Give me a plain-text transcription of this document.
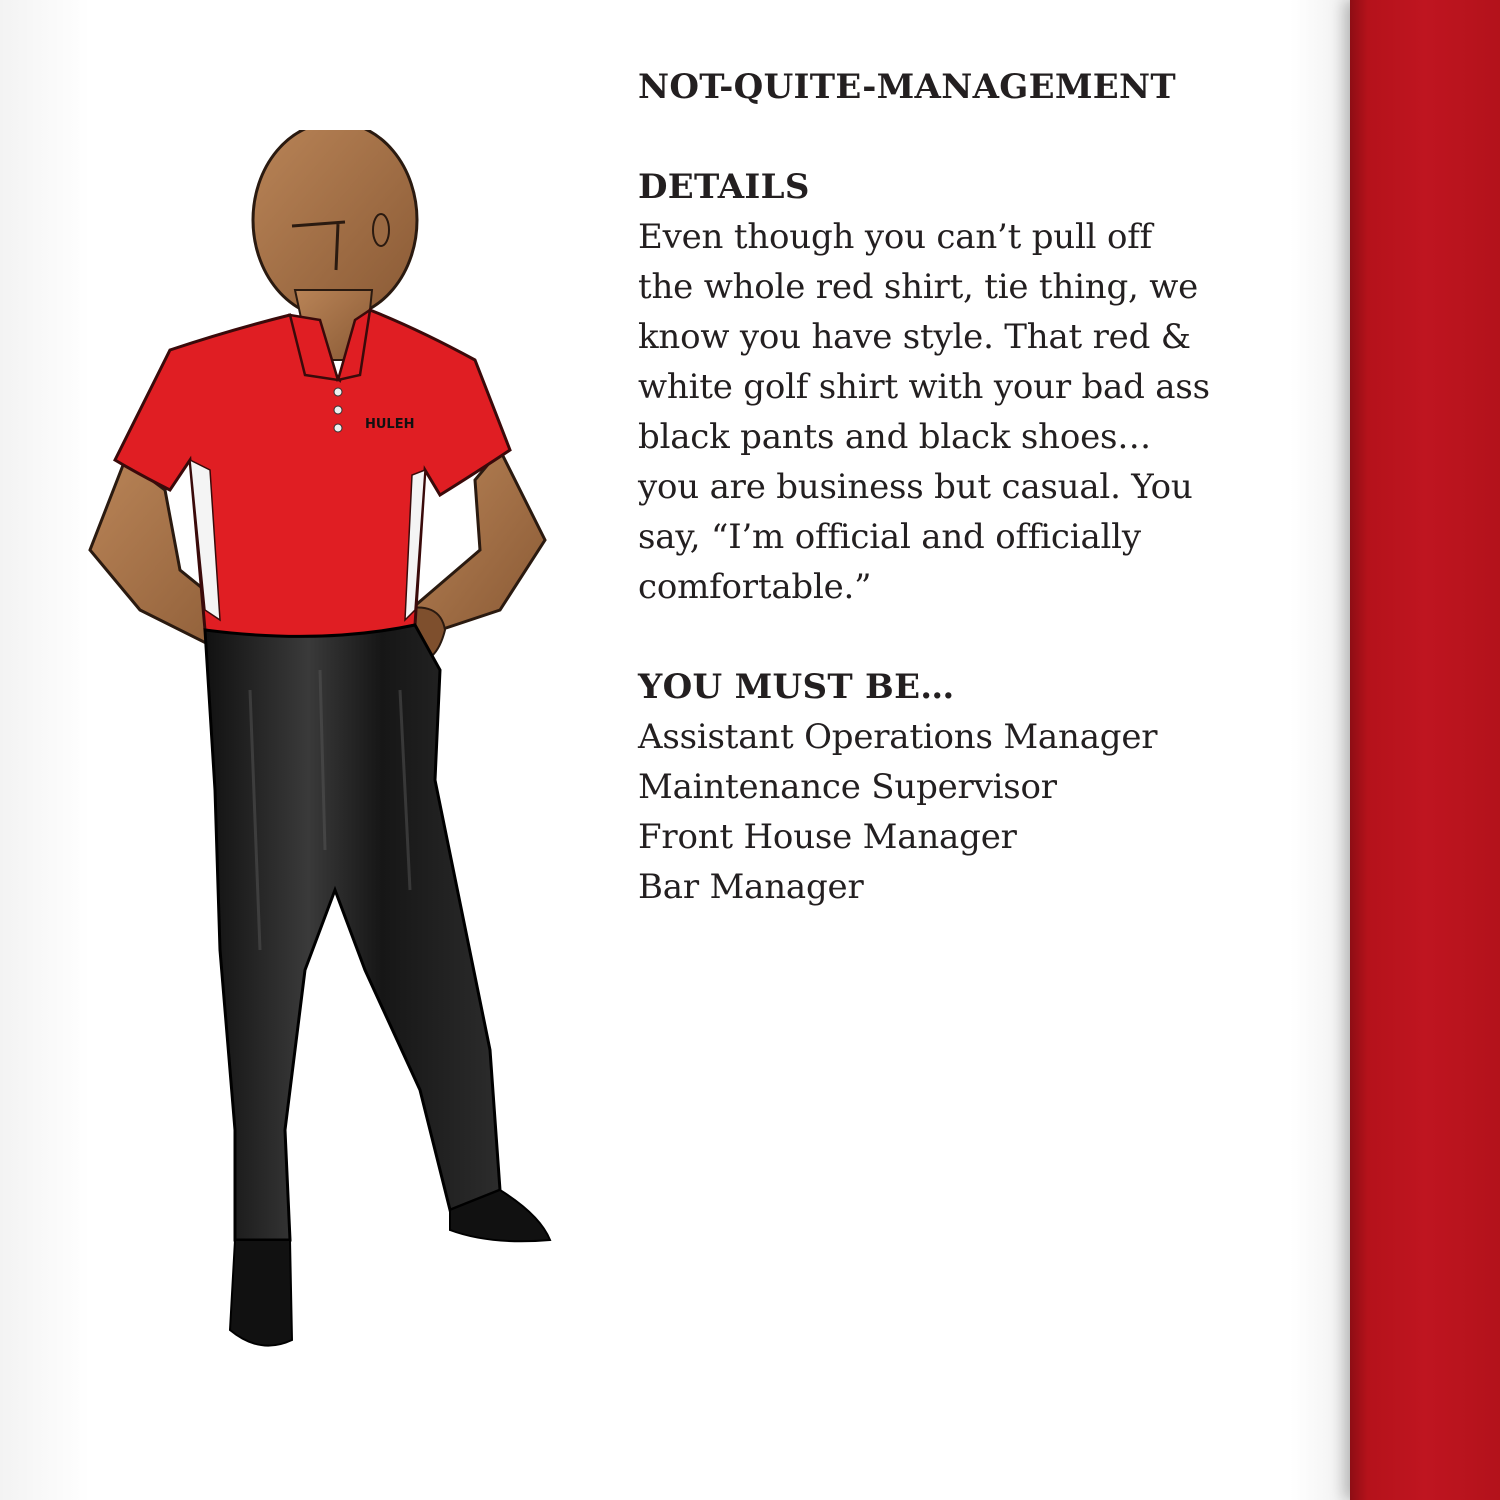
HULEH
NOT-QUITE-MANAGEMENT
DETAILS

Even though you can’t pull off

the whole red shirt, tie thing, we

know you have style. That red &

white golf shirt with your bad ass

black pants and black shoes…

you are business but casual. You

say, “I’m official and officially

comfortable.”

YOU MUST BE…
Assistant Operations Manager
Maintenance Supervisor
Front House Manager
Bar Manager
